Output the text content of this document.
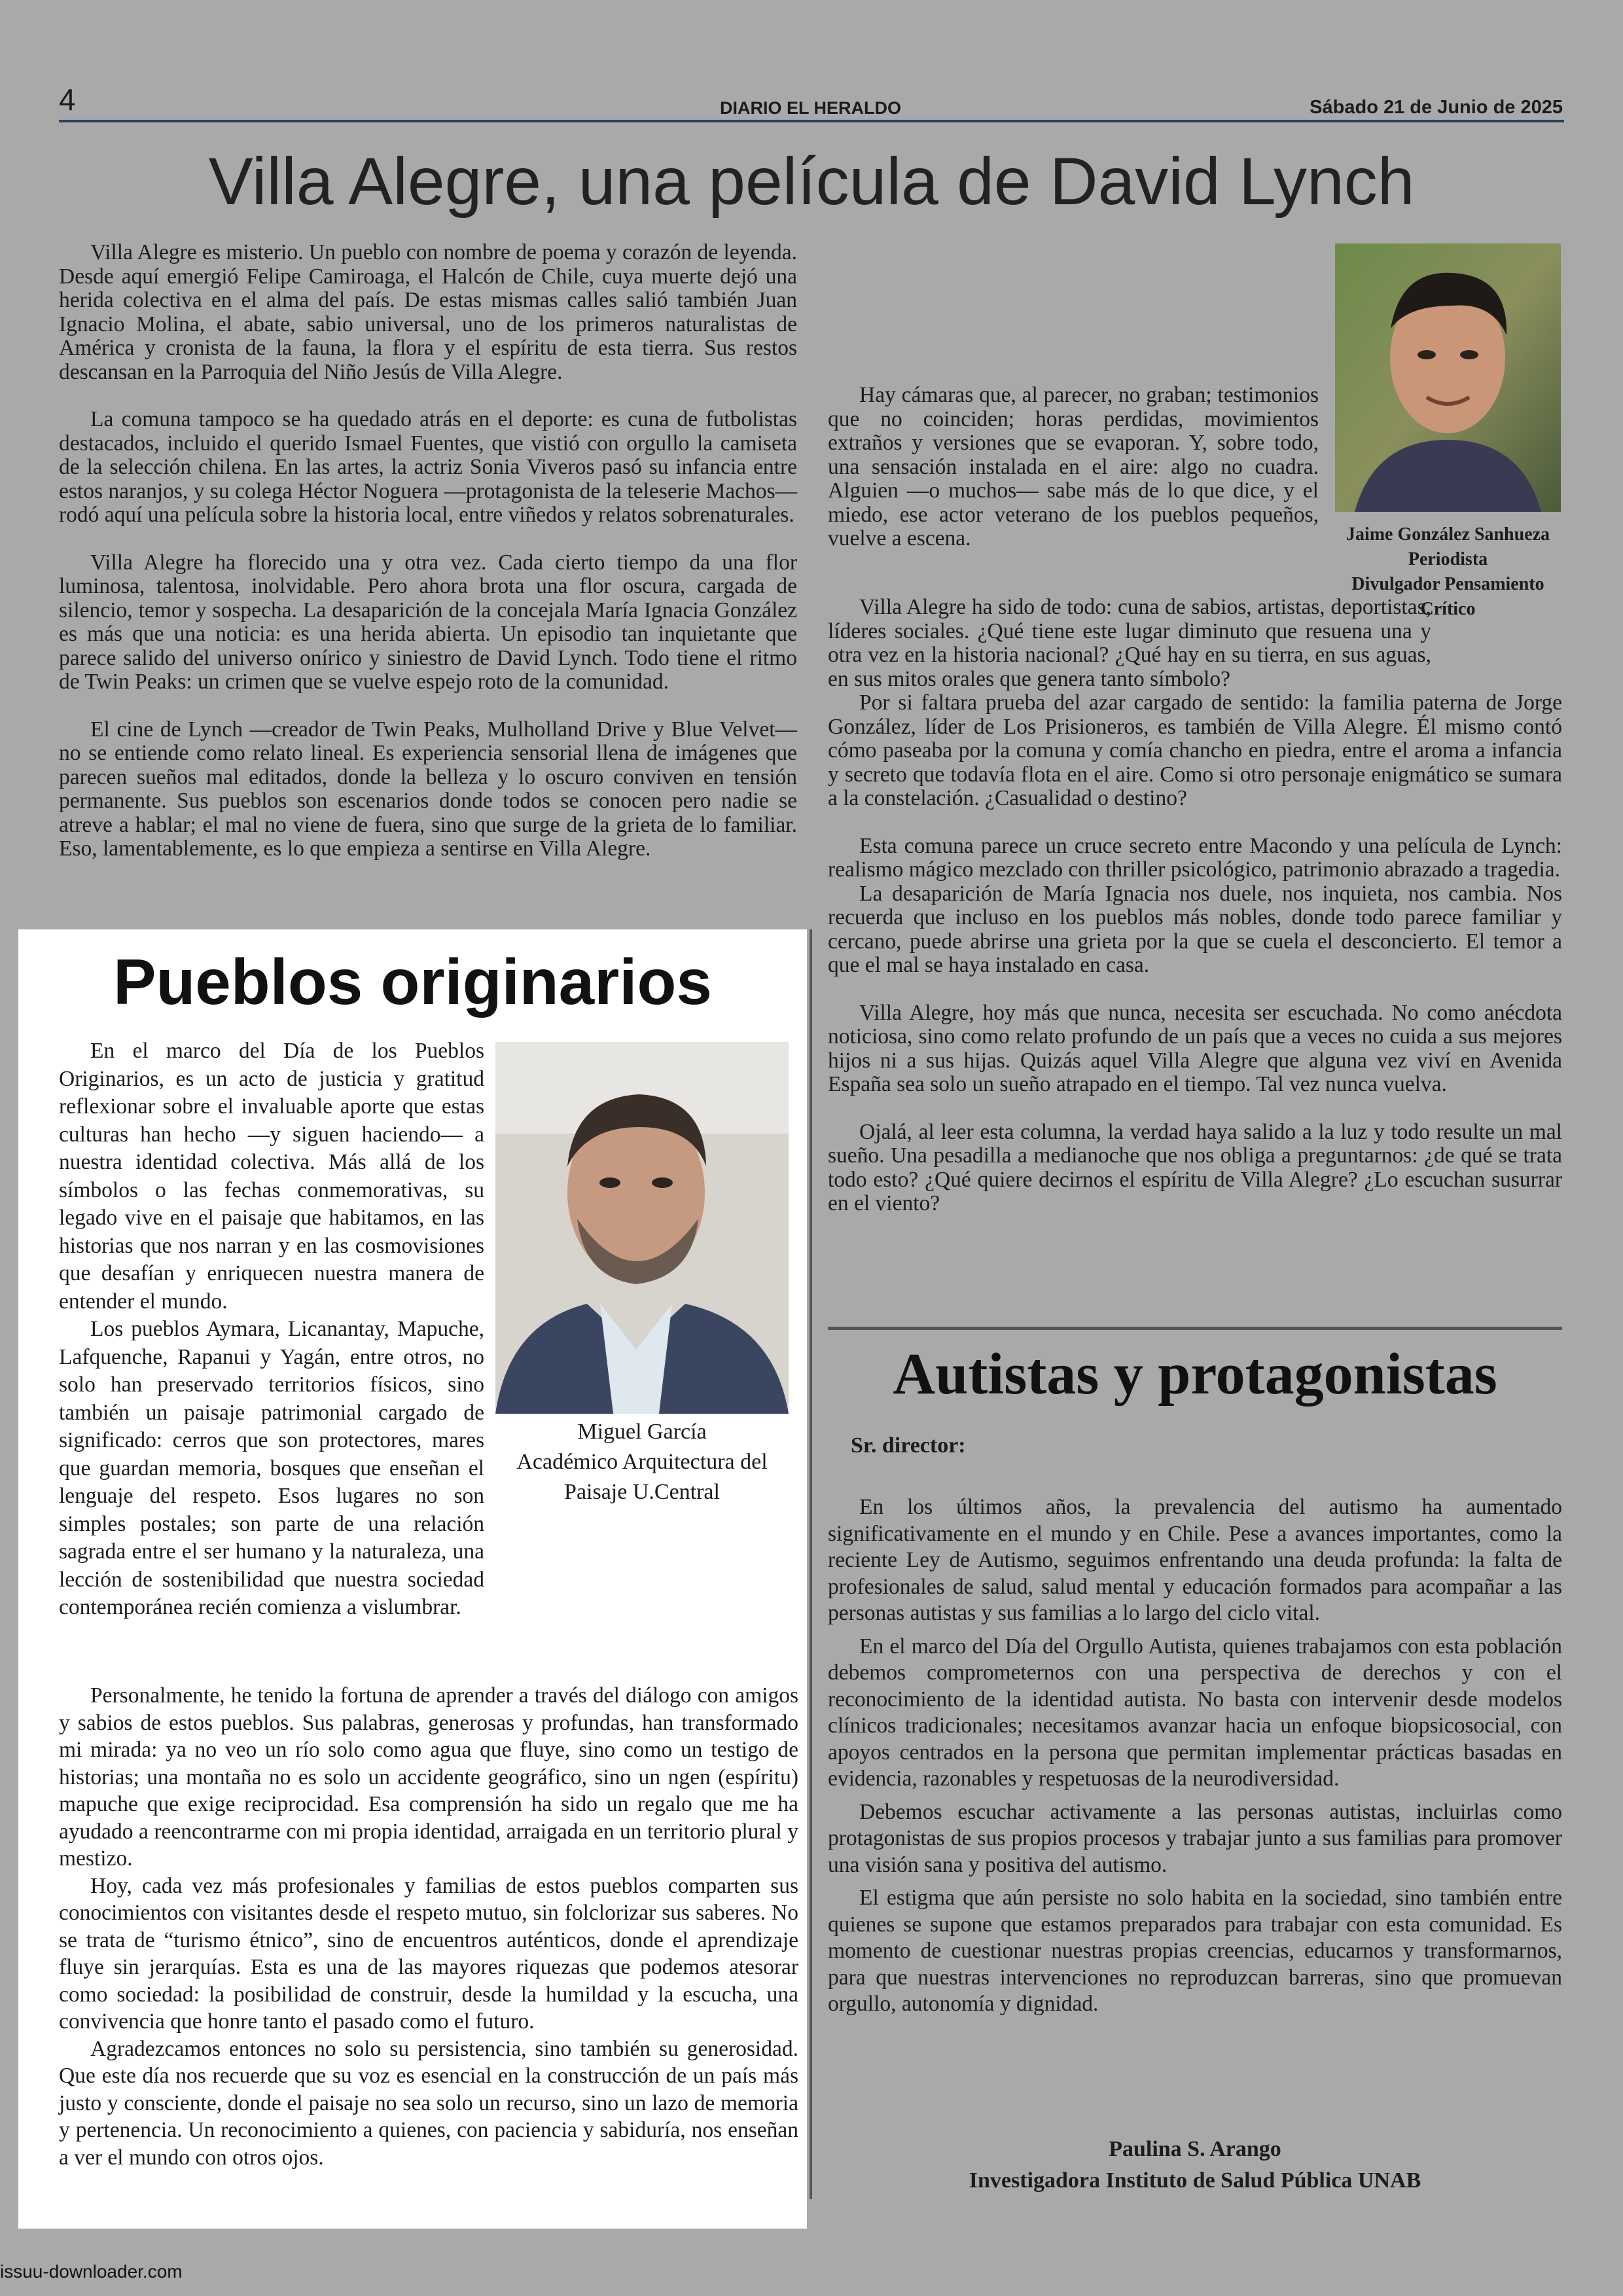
4	DIARIO EL HERALDO	Sábado 21 de Junio de 2025
Villa Alegre, una película de David Lynch

Villa Alegre es misterio. Un pueblo con nombre de poema y corazón de leyenda. Desde aquí emergió Felipe Camiroaga, el Halcón de Chile, cuya muerte dejó una herida colectiva en el alma del país. De estas mismas calles salió también Juan Ignacio Molina, el abate, sabio universal, uno de los primeros naturalistas de América y cronista de la fauna, la flora y el espíritu de esta tierra. Sus restos descansan en la Parroquia del Niño Jesús de Villa Alegre.

La comuna tampoco se ha quedado atrás en el deporte: es cuna de futbolistas destacados, incluido el querido Ismael Fuentes, que vistió con orgullo la camiseta de la selección chilena. En las artes, la actriz Sonia Viveros pasó su infancia entre estos naranjos, y su colega Héctor Noguera —protagonista de la teleserie Machos— rodó aquí una película sobre la historia local, entre viñedos y relatos sobrenaturales.

Villa Alegre ha florecido una y otra vez. Cada cierto tiempo da una flor luminosa, talentosa, inolvidable. Pero ahora brota una flor oscura, cargada de silencio, temor y sospecha. La desaparición de la concejala María Ignacia González es más que una noticia: es una herida abierta. Un episodio tan inquietante que parece salido del universo onírico y siniestro de David Lynch. Todo tiene el ritmo de Twin Peaks: un crimen que se vuelve espejo roto de la comunidad.

El cine de Lynch —creador de Twin Peaks, Mulholland Drive y Blue Velvet— no se entiende como relato lineal. Es experiencia sensorial llena de imágenes que parecen sueños mal editados, donde la belleza y lo oscuro conviven en tensión permanente. Sus pueblos son escenarios donde todos se conocen pero nadie se atreve a hablar; el mal no viene de fuera, sino que surge de la grieta de lo familiar. Eso, lamentablemente, es lo que empieza a sentirse en Villa Alegre.

Hay cámaras que, al parecer, no graban; testimonios que no coinciden; horas perdidas, movimientos extraños y versiones que se evaporan. Y, sobre todo, una sensación instalada en el aire: algo no cuadra. Alguien —o muchos— sabe más de lo que dice, y el miedo, ese actor veterano de los pueblos pequeños, vuelve a escena.	Jaime González Sanhueza
Periodista
Divulgador Pensamiento
Crítico

Villa Alegre ha sido de todo: cuna de sabios, artistas, deportistas, líderes sociales. ¿Qué tiene este lugar diminuto que resuena una y otra vez en la historia nacional? ¿Qué hay en su tierra, en sus aguas, en sus mitos orales que genera tanto símbolo?

Por si faltara prueba del azar cargado de sentido: la familia paterna de Jorge González, líder de Los Prisioneros, es también de Villa Alegre. Él mismo contó cómo paseaba por la comuna y comía chancho en piedra, entre el aroma a infancia y secreto que todavía flota en el aire. Como si otro personaje enigmático se sumara a la constelación. ¿Casualidad o destino?

Esta comuna parece un cruce secreto entre Macondo y una película de Lynch: realismo mágico mezclado con thriller psicológico, patrimonio abrazado a tragedia.

La desaparición de María Ignacia nos duele, nos inquieta, nos cambia. Nos recuerda que incluso en los pueblos más nobles, donde todo parece familiar y cercano, puede abrirse una grieta por la que se cuela el desconcierto. El temor a que el mal se haya instalado en casa.

Villa Alegre, hoy más que nunca, necesita ser escuchada. No como anécdota noticiosa, sino como relato profundo de un país que a veces no cuida a sus mejores hijos ni a sus hijas. Quizás aquel Villa Alegre que alguna vez viví en Avenida España sea solo un sueño atrapado en el tiempo. Tal vez nunca vuelva.

Ojalá, al leer esta columna, la verdad haya salido a la luz y todo resulte un mal sueño. Una pesadilla a medianoche que nos obliga a preguntarnos: ¿de qué se trata todo esto? ¿Qué quiere decirnos el espíritu de Villa Alegre? ¿Lo escuchan susurrar en el viento?

Pueblos originarios
Miguel García
Académico Arquitectura del
Paisaje U.Central

En el marco del Día de los Pueblos Originarios, es un acto de justicia y gratitud reflexionar sobre el invaluable aporte que estas culturas han hecho —y siguen haciendo— a nuestra identidad colectiva. Más allá de los símbolos o las fechas conmemorativas, su legado vive en el paisaje que habitamos, en las historias que nos narran y en las cosmovisiones que desafían y enriquecen nuestra manera de entender el mundo.

Los pueblos Aymara, Licanantay, Mapuche, Lafquenche, Rapanui y Yagán, entre otros, no solo han preservado territorios físicos, sino también un paisaje patrimonial cargado de significado: cerros que son protectores, mares que guardan memoria, bosques que enseñan el lenguaje del respeto. Esos lugares no son simples postales; son parte de una relación sagrada entre el ser humano y la naturaleza, una lección de sostenibilidad que nuestra sociedad contemporánea recién comienza a vislumbrar.

Personalmente, he tenido la fortuna de aprender a través del diálogo con amigos y sabios de estos pueblos. Sus palabras, generosas y profundas, han transformado mi mirada: ya no veo un río solo como agua que fluye, sino como un testigo de historias; una montaña no es solo un accidente geográfico, sino un ngen (espíritu) mapuche que exige reciprocidad. Esa comprensión ha sido un regalo que me ha ayudado a reencontrarme con mi propia identidad, arraigada en un territorio plural y mestizo.

Hoy, cada vez más profesionales y familias de estos pueblos comparten sus conocimientos con visitantes desde el respeto mutuo, sin folclorizar sus saberes. No se trata de “turismo étnico”, sino de encuentros auténticos, donde el aprendizaje fluye sin jerarquías. Esta es una de las mayores riquezas que podemos atesorar como sociedad: la posibilidad de construir, desde la humildad y la escucha, una convivencia que honre tanto el pasado como el futuro.

Agradezcamos entonces no solo su persistencia, sino también su generosidad. Que este día nos recuerde que su voz es esencial en la construcción de un país más justo y consciente, donde el paisaje no sea solo un recurso, sino un lazo de memoria y pertenencia. Un reconocimiento a quienes, con paciencia y sabiduría, nos enseñan a ver el mundo con otros ojos.

Autistas y protagonistas
Sr. director:

En los últimos años, la prevalencia del autismo ha aumentado significativamente en el mundo y en Chile. Pese a avances importantes, como la reciente Ley de Autismo, seguimos enfrentando una deuda profunda: la falta de profesionales de salud, salud mental y educación formados para acompañar a las personas autistas y sus familias a lo largo del ciclo vital.

En el marco del Día del Orgullo Autista, quienes trabajamos con esta población debemos comprometernos con una perspectiva de derechos y con el reconocimiento de la identidad autista. No basta con intervenir desde modelos clínicos tradicionales; necesitamos avanzar hacia un enfoque biopsicosocial, con apoyos centrados en la persona que permitan implementar prácticas basadas en evidencia, razonables y respetuosas de la neurodiversidad.

Debemos escuchar activamente a las personas autistas, incluirlas como protagonistas de sus propios procesos y trabajar junto a sus familias para promover una visión sana y positiva del autismo.

El estigma que aún persiste no solo habita en la sociedad, sino también entre quienes se supone que estamos preparados para trabajar con esta comunidad. Es momento de cuestionar nuestras propias creencias, educarnos y transformarnos, para que nuestras intervenciones no reproduzcan barreras, sino que promuevan orgullo, autonomía y dignidad.

Paulina S. Arango
Investigadora Instituto de Salud Pública UNAB
issuu-downloader.com
